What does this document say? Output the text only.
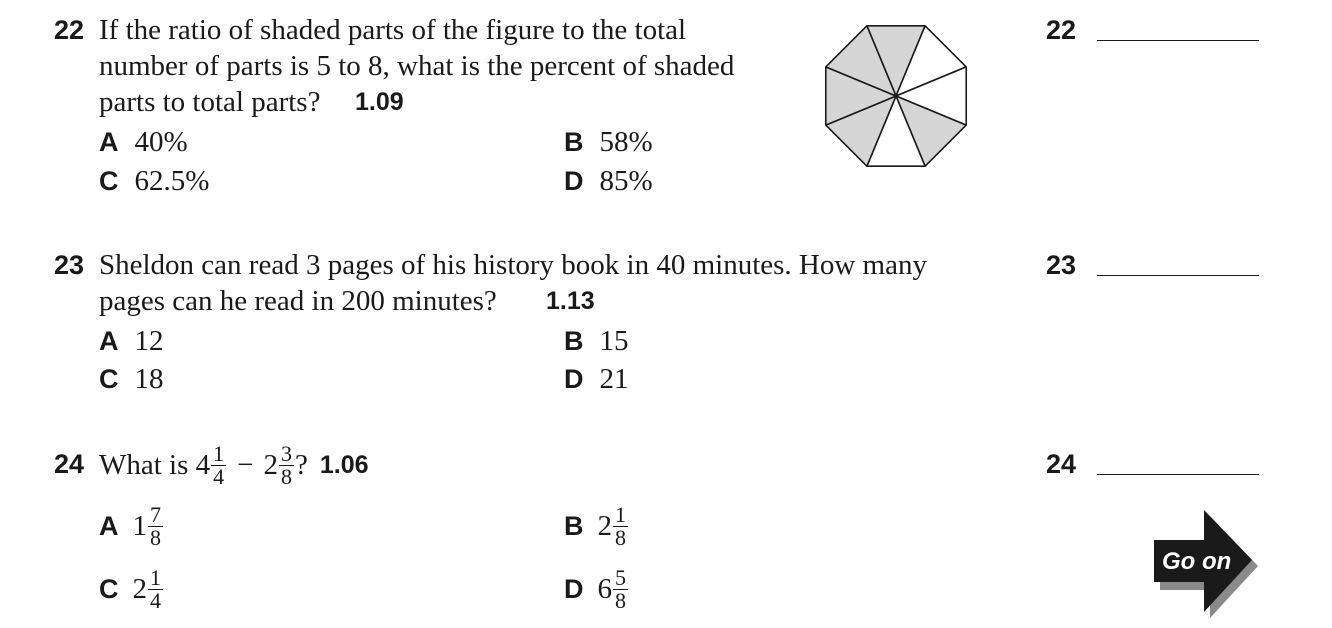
22 If the ratio of shaded parts of the figure to the total
number of parts is 5 to 8, what is the percent of shaded
parts to total parts? 1.09
A 40%	B 58%
C 62.5%	D 85%
22
23 Sheldon can read 3 pages of his history book in 40 minutes. How many
pages can he read in 200 minutes? 1.13
A 12	B 15
C 18	D 21
23
24 What is $4 \frac{1}{4} - 2 \frac{3}{8}$ ? 1.06
A $1 \frac{7}{8}$	B $2 \frac{1}{8}$
C $2 \frac{1}{4}$	D $6 \frac{5}{8}$
24
Go on
